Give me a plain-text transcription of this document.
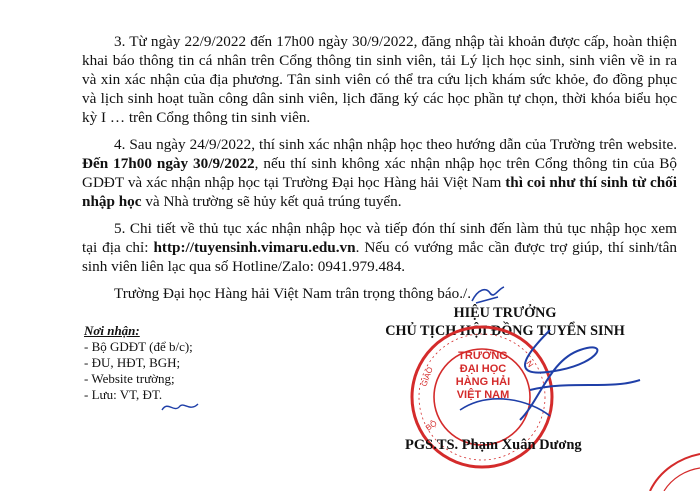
3. Từ ngày 22/9/2022 đến 17h00 ngày 30/9/2022, đăng nhập tài khoản được cấp, hoàn thiện khai báo thông tin cá nhân trên Cổng thông tin sinh viên, tải Lý lịch học sinh, sinh viên về in ra và xin xác nhận của địa phương. Tân sinh viên có thể tra cứu lịch khám sức khỏe, đo đồng phục và lịch sinh hoạt tuần công dân sinh viên, lịch đăng ký các học phần tự chọn, thời khóa biểu học kỳ I … trên Cổng thông tin sinh viên.

4. Sau ngày 24/9/2022, thí sinh xác nhận nhập học theo hướng dẫn của Trường trên website. Đến 17h00 ngày 30/9/2022, nếu thí sinh không xác nhận nhập học trên Cổng thông tin của Bộ GDĐT và xác nhận nhập học tại Trường Đại học Hàng hải Việt Nam thì coi như thí sinh từ chối nhập học và Nhà trường sẽ hủy kết quả trúng tuyển.

5. Chi tiết về thủ tục xác nhận nhập học và tiếp đón thí sinh đến làm thủ tục nhập học xem tại địa chỉ: http://tuyensinh.vimaru.edu.vn. Nếu có vướng mắc cần được trợ giúp, thí sinh/tân sinh viên liên lạc qua số Hotline/Zalo: 0941.979.484.

Trường Đại học Hàng hải Việt Nam trân trọng thông báo./.

Nơi nhận:
- Bộ GDĐT (để b/c);
- ĐU, HĐT, BGH;
- Website trường;
- Lưu: VT, ĐT.
HIỆU TRƯỞNG
CHỦ TỊCH HỘI ĐỒNG TUYỂN SINH
GIAO
BỘ
N
TRƯỜNG
ĐẠI HỌC
HÀNG HẢI
VIỆT NAM
PGS.TS. Phạm Xuân Dương
